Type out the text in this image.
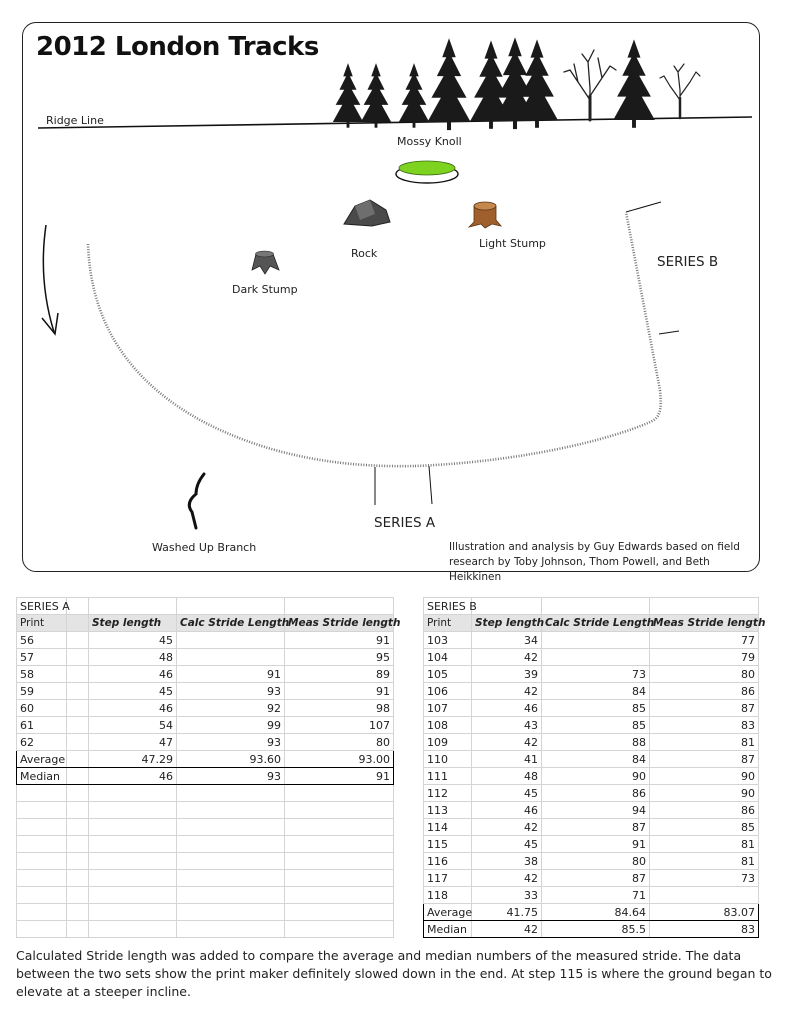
2012 London Tracks
Ridge Line
Mossy Knoll
Rock
Light Stump
Dark Stump
Washed Up Branch
SERIES A
SERIES B
Illustration and analysis by Guy Edwards based on field research by Toby Johnson, Thom Powell, and Beth Heikkinen
SERIES A				
Print		Step length	Calc Stride Length	Meas Stride length
56		45		91
57		48		95
58		46	91	89
59		45	93	91
60		46	92	98
61		54	99	107
62		47	93	80
Average		47.29	93.60	93.00
Median		46	93	91

SERIES B			
Print	Step length	Calc Stride Length	Meas Stride length
103	34		77
104	42		79
105	39	73	80
106	42	84	86
107	46	85	87
108	43	85	83
109	42	88	81
110	41	84	87
111	48	90	90
112	45	86	90
113	46	94	86
114	42	87	85
115	45	91	81
116	38	80	81
117	42	87	73
118	33	71	
Average	41.75	84.64	83.07
Median	42	85.5	83
Calculated Stride length was added to compare the average and median numbers of the measured stride. The data between the two sets show the print maker definitely slowed down in the end. At step 115 is where the ground began to elevate at a steeper incline.
